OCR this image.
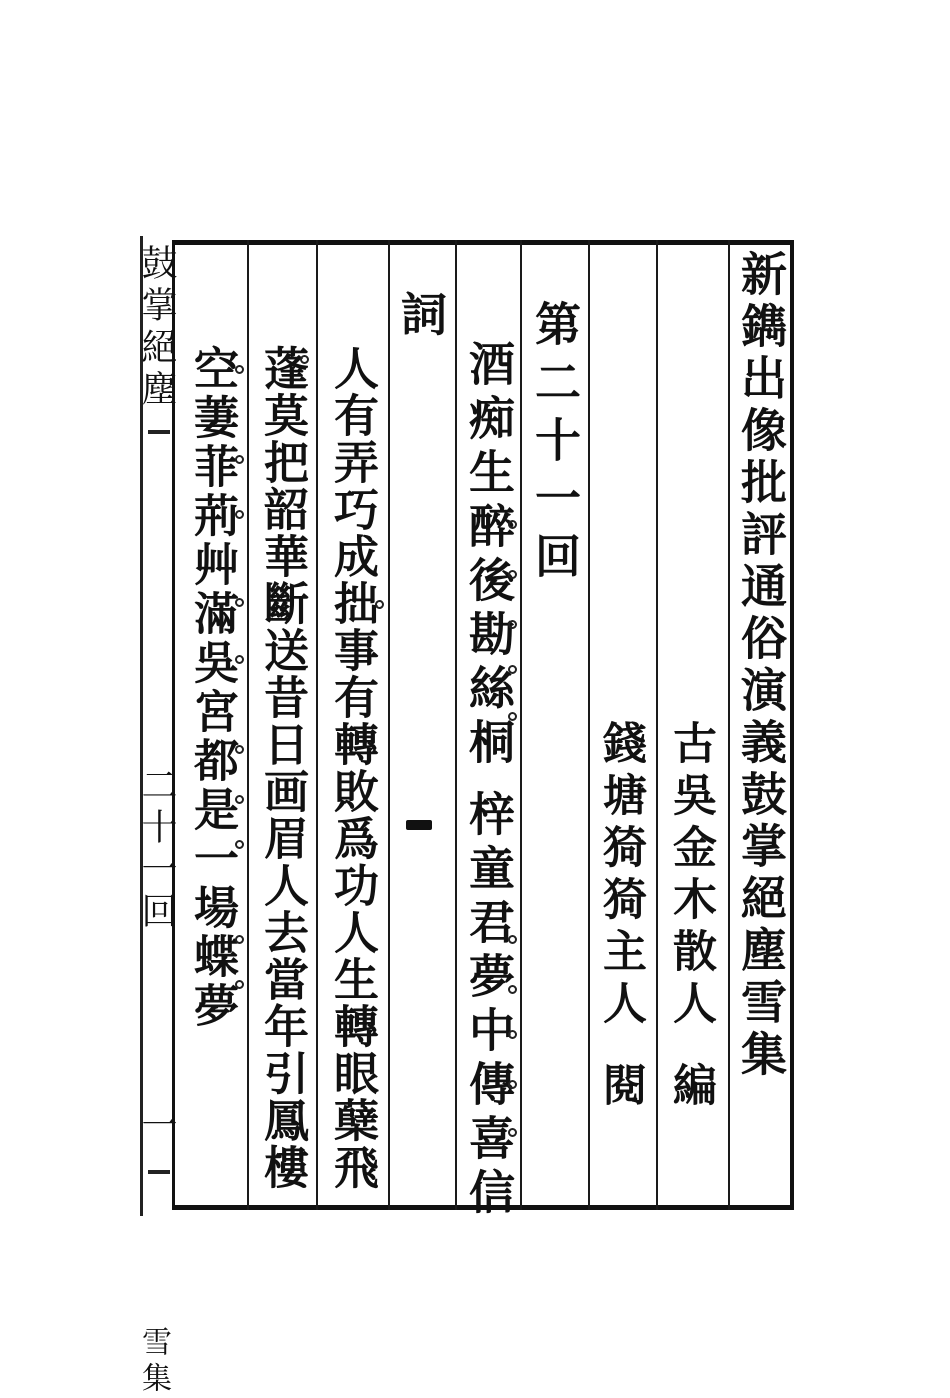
鼓掌絕塵
二十一回
一
雪集
新鐫出像批評通俗演義鼓掌絕塵雪集
古吳金木散人
編
錢塘猗猗主人
閱
第二十一回
酒痴生醉後勘絲桐
梓童君夢中傳喜信
詞
人有弄巧成拙事有轉敗爲功人生轉眼蘖飛
蓬莫把韶華斷送昔日画眉人去當年引鳳樓
空萋菲荊艸滿吳宮都是一場蝶夢
